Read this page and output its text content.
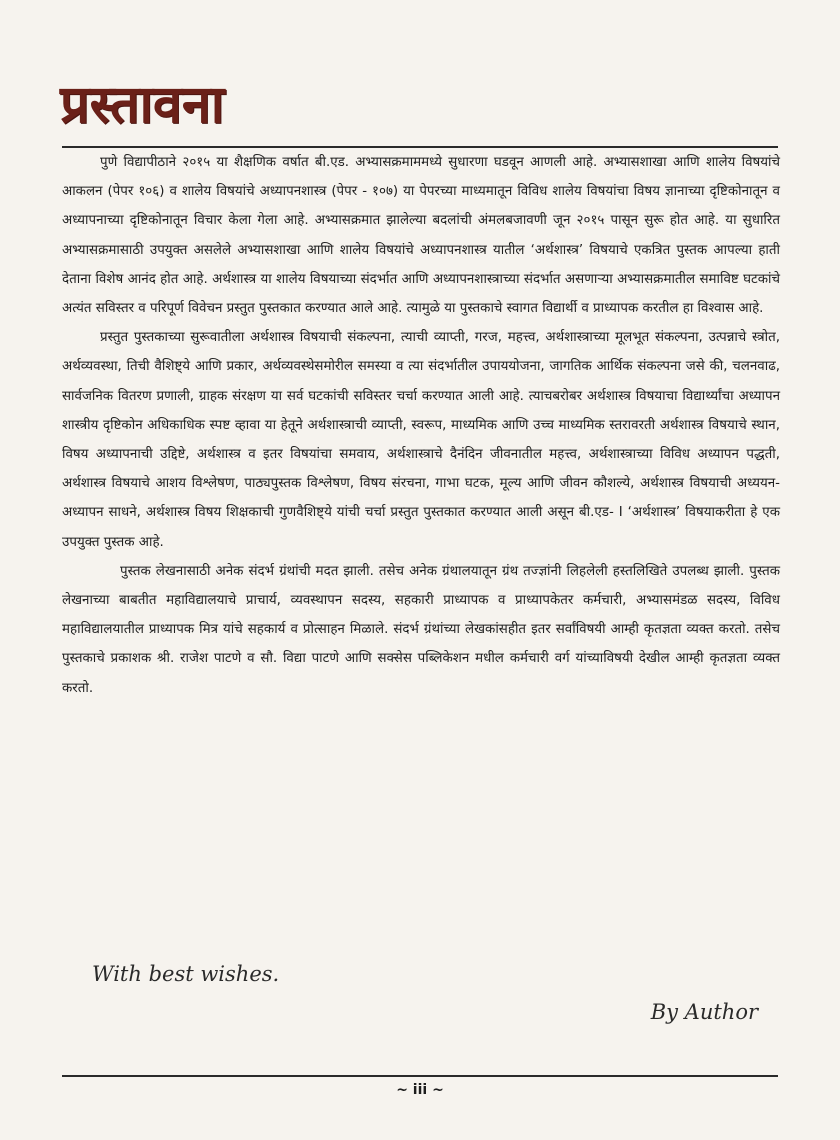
प्रस्तावना

पुणे विद्यापीठाने २०१५ या शैक्षणिक वर्षात बी.एड. अभ्यासक्रमाममध्ये सुधारणा घडवून आणली आहे. अभ्यासशाखा आणि शालेय विषयांचे आकलन (पेपर १०६) व शालेय विषयांचे अध्यापनशास्त्र (पेपर - १०७) या पेपरच्या माध्यमातून विविध शालेय विषयांचा विषय ज्ञानाच्या दृष्टिकोनातून व अध्यापनाच्या दृष्टिकोनातून विचार केला गेला आहे. अभ्यासक्रमात झालेल्या बदलांची अंमलबजावणी जून २०१५ पासून सुरू होत आहे. या सुधारित अभ्यासक्रमासाठी उपयुक्त असलेले अभ्यासशाखा आणि शालेय विषयांचे अध्यापनशास्त्र यातील ‘अर्थशास्त्र’ विषयाचे एकत्रित पुस्तक आपल्या हाती देताना विशेष आनंद होत आहे. अर्थशास्त्र या शालेय विषयाच्या संदर्भात आणि अध्यापनशास्त्राच्या संदर्भात असणाऱ्या अभ्यासक्रमातील समाविष्ट घटकांचे अत्यंत सविस्तर व परिपूर्ण विवेचन प्रस्तुत पुस्तकात करण्यात आले आहे. त्यामुळे या पुस्तकाचे स्वागत विद्यार्थी व प्राध्यापक करतील हा विश्वास आहे.

प्रस्तुत पुस्तकाच्या सुरूवातीला अर्थशास्त्र विषयाची संकल्पना, त्याची व्याप्ती, गरज, महत्त्व, अर्थशास्त्राच्या मूलभूत संकल्पना, उत्पन्नाचे स्त्रोत, अर्थव्यवस्था, तिची वैशिष्ट्ये आणि प्रकार, अर्थव्यवस्थेसमोरील समस्या व त्या संदर्भातील उपाययोजना, जागतिक आर्थिक संकल्पना जसे की, चलनवाढ, सार्वजनिक वितरण प्रणाली, ग्राहक संरक्षण या सर्व घटकांची सविस्तर चर्चा करण्यात आली आहे. त्याचबरोबर अर्थशास्त्र विषयाचा विद्यार्थ्यांचा अध्यापन शास्त्रीय दृष्टिकोन अधिकाधिक स्पष्ट व्हावा या हेतूने अर्थशास्त्राची व्याप्ती, स्वरूप, माध्यमिक आणि उच्च माध्यमिक स्तरावरती अर्थशास्त्र विषयाचे स्थान, विषय अध्यापनाची उद्दिष्टे, अर्थशास्त्र व इतर विषयांचा समवाय, अर्थशास्त्राचे दैनंदिन जीवनातील महत्त्व, अर्थशास्त्राच्या विविध अध्यापन पद्धती, अर्थशास्त्र विषयाचे आशय विश्लेषण, पाठ्यपुस्तक विश्लेषण, विषय संरचना, गाभा घटक, मूल्य आणि जीवन कौशल्ये, अर्थशास्त्र विषयाची अध्ययन-अध्यापन साधने, अर्थशास्त्र विषय शिक्षकाची गुणवैशिष्ट्ये यांची चर्चा प्रस्तुत पुस्तकात करण्यात आली असून बी.एड- I ‘अर्थशास्त्र’ विषयाकरीता हे एक उपयुक्त पुस्तक आहे.

पुस्तक लेखनासाठी अनेक संदर्भ ग्रंथांची मदत झाली. तसेच अनेक ग्रंथालयातून ग्रंथ तज्ज्ञांनी लिहलेली हस्तलिखिते उपलब्ध झाली. पुस्तक लेखनाच्या बाबतीत महाविद्यालयाचे प्राचार्य, व्यवस्थापन सदस्य, सहकारी प्राध्यापक व प्राध्यापकेतर कर्मचारी, अभ्यासमंडळ सदस्य, विविध महाविद्यालयातील प्राध्यापक मित्र यांचे सहकार्य व प्रोत्साहन मिळाले. संदर्भ ग्रंथांच्या लेखकांसहीत इतर सर्वांविषयी आम्ही कृतज्ञता व्यक्त करतो. तसेच पुस्तकाचे प्रकाशक श्री. राजेश पाटणे व सौ. विद्या पाटणे आणि सक्सेस पब्लिकेशन मधील कर्मचारी वर्ग यांच्याविषयी देखील आम्ही कृतज्ञता व्यक्त करतो.

With best wishes.
By Author
~ iii ~
